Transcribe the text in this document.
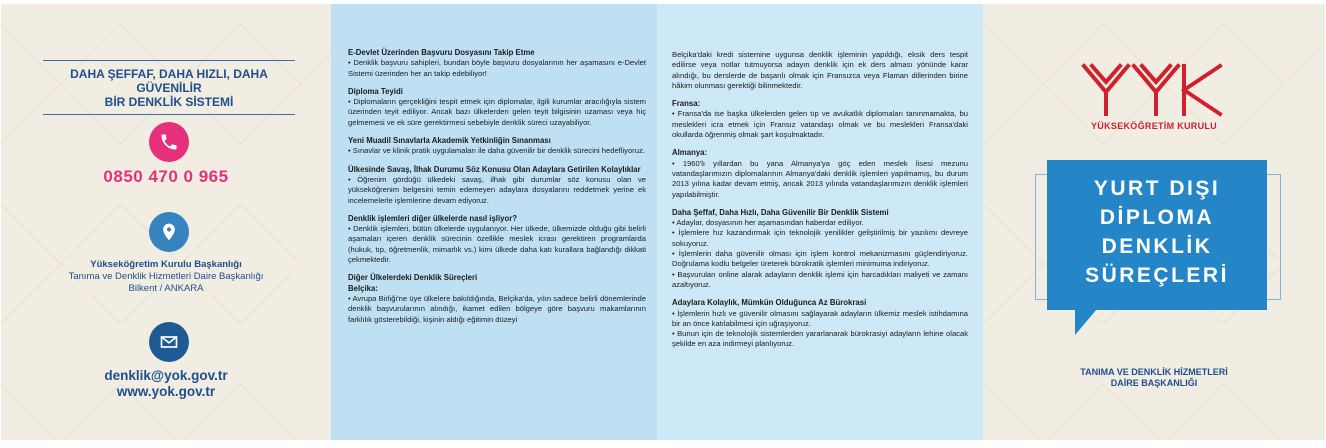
DAHA ŞEFFAF, DAHA HIZLI, DAHA GÜVENİLİR
BİR DENKLİK SİSTEMİ
0850 470 0 965
Yükseköğretim Kurulu Başkanlığı
Tanıma ve Denklik Hizmetleri Daire Başkanlığı
Bilkent / ANKARA
denklik@yok.gov.tr
www.yok.gov.tr
E-Devlet Üzerinden Başvuru Dosyasını Takip Etme

• Denklik başvuru sahipleri, bundan böyle başvuru dosyalarının her aşamasını e-Devlet Sistemi üzerinden her an takip edebiliyor!

Diploma Teyidi

• Diplomaların gerçekliğini tespit etmek için diplomalar, ilgili kurumlar aracılığıyla sistem üzerinden teyit ediliyor. Ancak bazı ülkelerden gelen teyit bilgisinin uzaması veya hiç gelmemesi ve ek süre gerektirmesi sebebiyle denklik süreci uzayabiliyor.

Yeni Muadil Sınavlarla Akademik Yetkinliğin Sınanması

• Sınavlar ve klinik pratik uygulamaları ile daha güvenilir bir denklik sürecini hedefliyoruz.

Ülkesinde Savaş, İlhak Durumu Söz Konusu Olan Adaylara Getirilen Kolaylıklar

• Öğrenim gördüğü ülkedeki savaş, ilhak gibi durumlar söz konusu olan ve yükseköğrenim belgesini temin edemeyen adaylara dosyalarını reddetmek yerine ek incelemelerle işlemlerine devam ediyoruz.

Denklik işlemleri diğer ülkelerde nasıl işliyor?

• Denklik işlemleri, bütün ülkelerde uygulanıyor. Her ülkede, ülkemizde olduğu gibi belirli aşamaları içeren denklik sürecinin özellikle meslek icrası gerektiren programlarda (hukuk, tıp, öğretmenlik, mimarlık vs.) kimi ülkede daha katı kurallara bağlandığı dikkati çekmektedir.

Diğer Ülkelerdeki Denklik Süreçleri
Belçika:

• Avrupa Birliği'ne üye ülkelere bakıldığında, Belçika'da, yılın sadece belirli dönemlerinde denklik başvurularının alındığı, ikamet edilen bölgeye göre başvuru makamlarının farklılık gösterebildiği, kişinin aldığı eğitimin düzeyi

Belçika'daki kredi sistemine uygunsa denklik işleminin yapıldığı, eksik ders tespit edilirse veya notlar tutmuyorsa adayın denklik için ek ders alması yönünde karar alındığı, bu derslerde de başarılı olmak için Fransızca veya Flaman dillerinden birine hâkim olunması gerektiği bilinmektedir.

Fransa:

• Fransa'da ise başka ülkelerden gelen tıp ve avukatlık diplomaları tanınmamakta, bu meslekleri icra etmek için Fransız vatandaşı olmak ve bu meslekleri Fransa'daki okullarda öğrenmiş olmak şart koşulmaktadır.

Almanya:

• 1960'lı yıllardan bu yana Almanya'ya göç eden meslek lisesi mezunu vatandaşlarımızın diplomalarının Almanya'daki denklik işlemleri yapılmamış, bu durum 2013 yılına kadar devam etmiş, ancak 2013 yılında vatandaşlarımızın denklik işlemleri yapılabilmiştir.

Daha Şeffaf, Daha Hızlı, Daha Güvenilir Bir Denklik Sistemi

• Adaylar, dosyasının her aşamasından haberdar ediliyor.
• İşlemlere hız kazandırmak için teknolojik yenilikler geliştirilmiş bir yazılımı devreye sokuyoruz.
• İşlemlerin daha güvenilir olması için işlem kontrol mekanizmasını güçlendiriyoruz. Doğrulama kodlu belgeler üreterek bürokratik işlemleri minimuma indiriyoruz.
• Başvuruları online alarak adayların denklik işlemi için harcadıkları maliyeti ve zamanı azaltıyoruz.

Adaylara Kolaylık, Mümkün Olduğunca Az Bürokrasi

• İşlemlerin hızlı ve güvenilir olmasını sağlayarak adayların ülkemiz meslek istihdamına bir an önce katılabilmesi için uğraşıyoruz.
• Bunun için de teknolojik sistemlerden yararlanarak bürokrasiyi adayların lehine olacak şekilde en aza indirmeyi planlıyoruz.

YÜKSEKÖĞRETİM KURULU
YURT DIŞI
DİPLOMA
DENKLİK
SÜREÇLERİ
TANIMA VE DENKLİK HİZMETLERİ
DAİRE BAŞKANLIĞI
